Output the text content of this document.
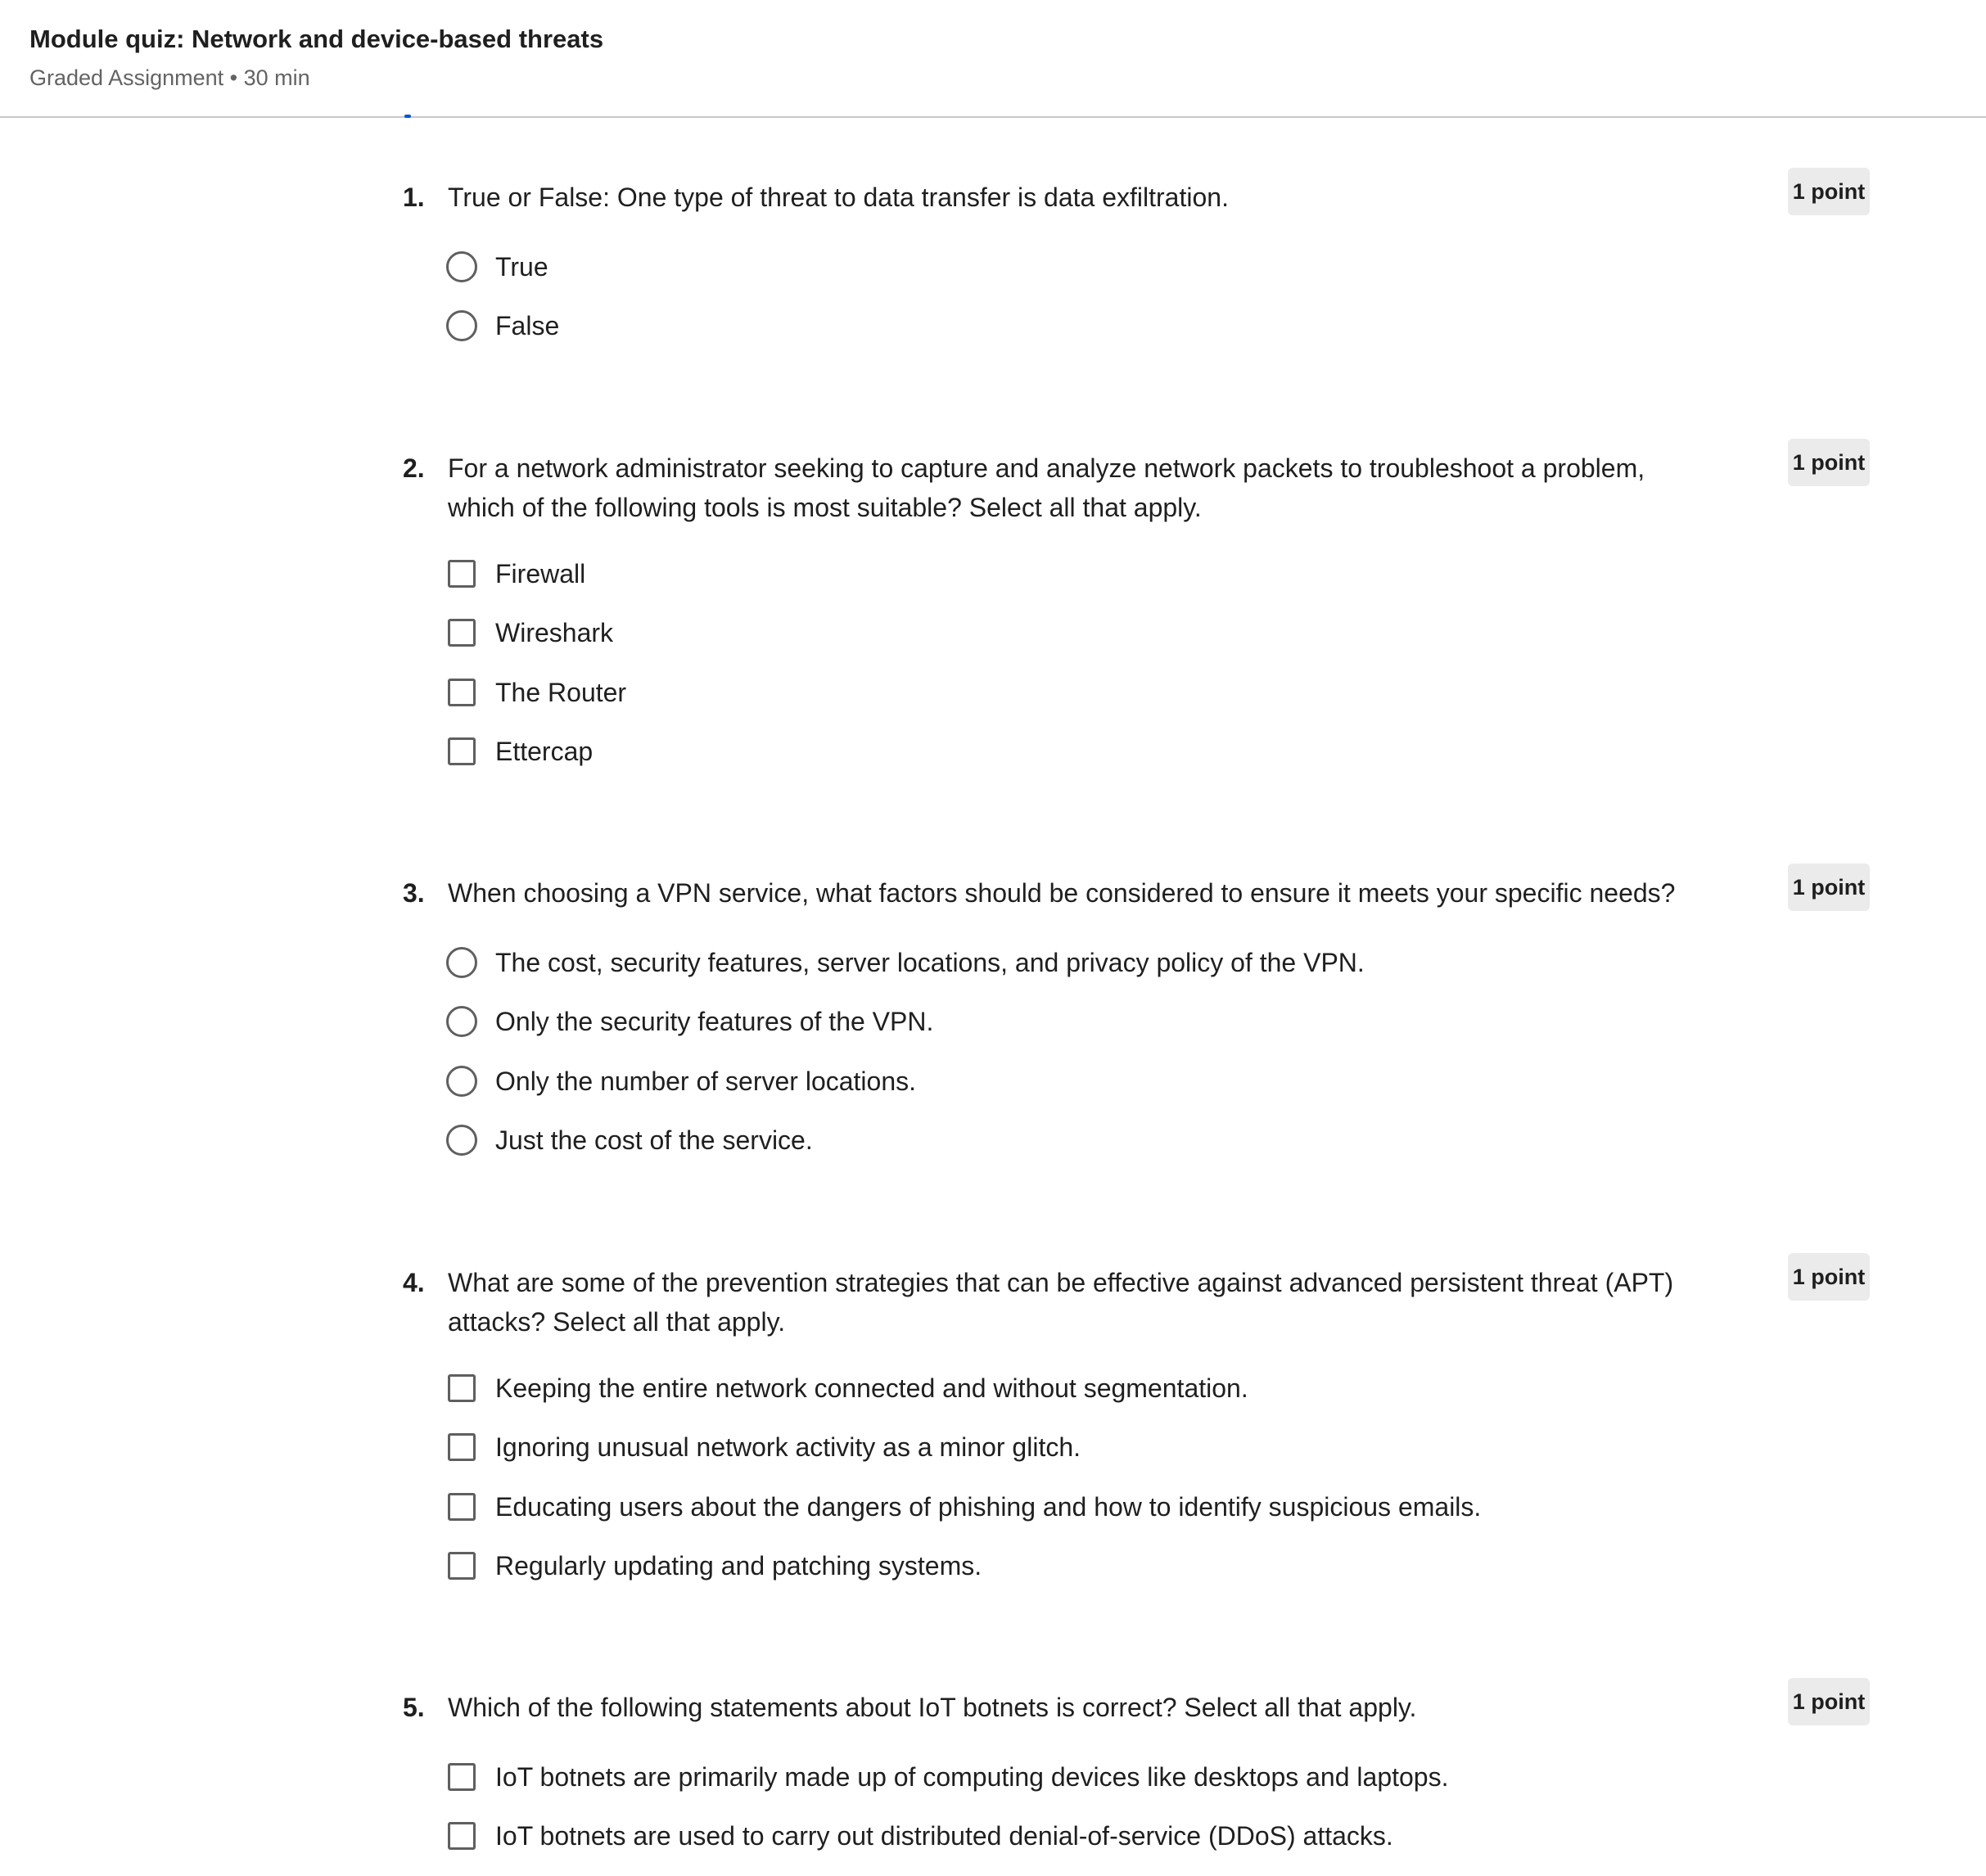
Module quiz: Network and device-based threats
Graded Assignment • 30 min
1. True or False: One type of threat to data transfer is data exfiltration.	1 point
True
False
2. For a network administrator seeking to capture and analyze network packets to troubleshoot a problem, which of the following tools is most suitable? Select all that apply.
1 point
Firewall
Wireshark
The Router
Ettercap
3. When choosing a VPN service, what factors should be considered to ensure it meets your specific needs?	1 point
The cost, security features, server locations, and privacy policy of the VPN.
Only the security features of the VPN.
Only the number of server locations.
Just the cost of the service.
4. What are some of the prevention strategies that can be effective against advanced persistent threat (APT) attacks? Select all that apply.
1 point
Keeping the entire network connected and without segmentation.
Ignoring unusual network activity as a minor glitch.
Educating users about the dangers of phishing and how to identify suspicious emails.
Regularly updating and patching systems.
5. Which of the following statements about IoT botnets is correct? Select all that apply.	1 point
IoT botnets are primarily made up of computing devices like desktops and laptops.
IoT botnets are used to carry out distributed denial-of-service (DDoS) attacks.
